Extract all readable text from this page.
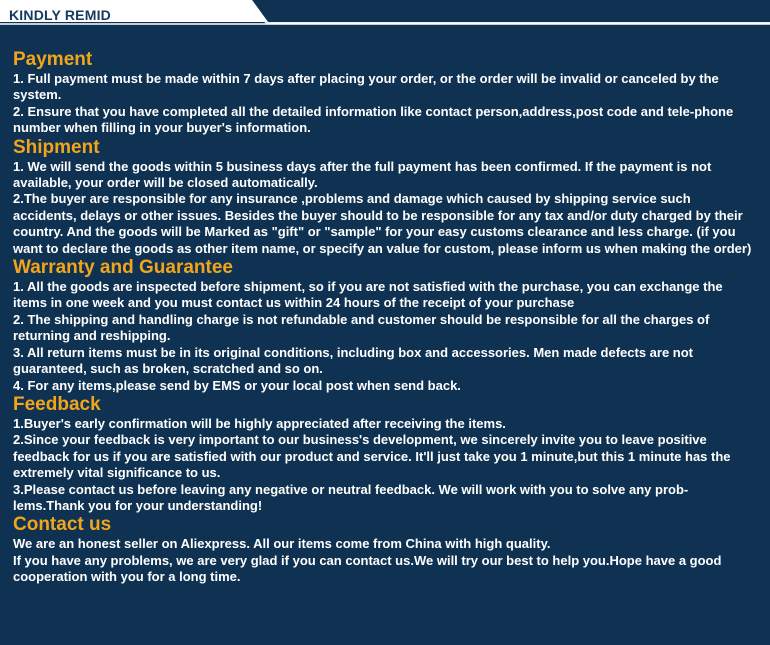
KINDLY REMID
Payment

1. Full payment must be made within 7 days after placing your order, or the order will be invalid or canceled by the system.

2. Ensure that you have completed all the detailed information like contact person,address,post code and tele-phone number when filling in your buyer's information.

Shipment

1. We will send the goods within 5 business days after the full payment has been confirmed. If the payment is not available, your order will be closed automatically.

2.The buyer are responsible for any insurance ,problems and damage which caused by shipping service such accidents, delays or other issues. Besides the buyer should to be responsible for any tax and/or duty charged by their country. And the goods will be Marked as "gift" or "sample" for your easy customs clearance and less charge. (if you want to declare the goods as other item name, or specify an value for custom, please inform us when making the order)

Warranty and Guarantee

1. All the goods are inspected before shipment, so if you are not satisfied with the purchase, you can exchange the items in one week and you must contact us within 24 hours of the receipt of your purchase

2. The shipping and handling charge is not refundable and customer should be responsible for all the charges of returning and reshipping.

3. All return items must be in its original conditions, including box and accessories. Men made defects are not guaranteed, such as broken, scratched and so on.

4. For any items,please send by EMS or your local post when send back.

Feedback

1.Buyer's early confirmation will be highly appreciated after receiving the items.

2.Since your feedback is very important to our business's development, we sincerely invite you to leave positive feedback for us if you are satisfied with our product and service. It'll just take you 1 minute,but this 1 minute has the extremely vital significance to us.

3.Please contact us before leaving any negative or neutral feedback. We will work with you to solve any prob-lems.Thank you for your understanding!

Contact us

We are an honest seller on Aliexpress. All our items come from China with high quality.

If you have any problems, we are very glad if you can contact us.We will try our best to help you.Hope have a good cooperation with you for a long time.
